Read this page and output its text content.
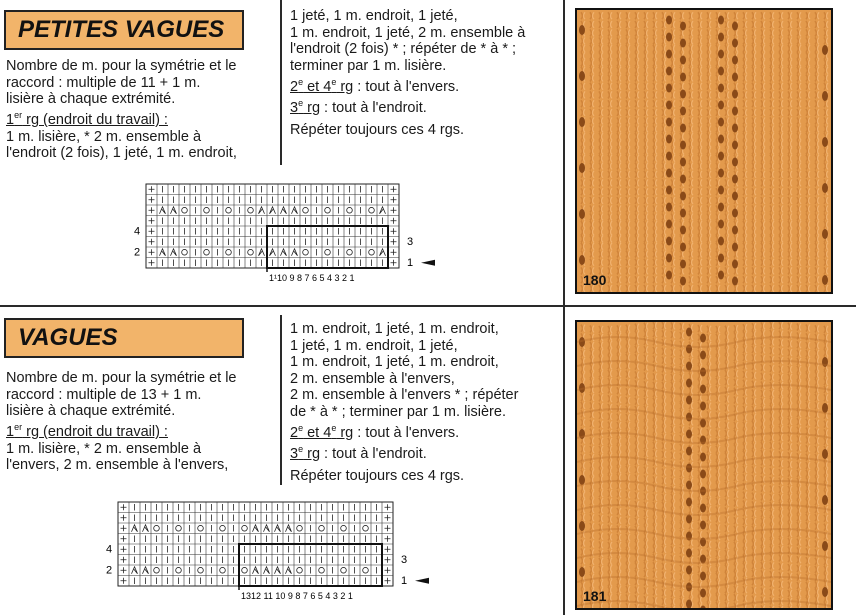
PETITES VAGUES

Nombre de m. pour la symétrie et le

raccord : multiple de 11 + 1 m.

lisière à chaque extrémité.

1er rg (endroit du travail) :

1 m. lisière, * 2 m. ensemble à

l'endroit (2 fois), 1 jeté, 1 m. endroit,

1 jeté, 1 m. endroit, 1 jeté,

1 m. endroit, 1 jeté, 2 m. ensemble à

l'endroit (2 fois) * ; répéter de * à * ;

terminer par 1 m. lisière.

2e et 4e rg : tout à l'envers.

3e rg : tout à l'endroit.

Répéter toujours ces 4 rgs.

4
2
3
1
1¹10 9 8 7 6 5 4 3 2 1	180
VAGUES

Nombre de m. pour la symétrie et le

raccord : multiple de 13 + 1 m.

lisière à chaque extrémité.

1er rg (endroit du travail) :

1 m. lisière, * 2 m. ensemble à

l'envers, 2 m. ensemble à l'envers,

1 m. endroit, 1 jeté, 1 m. endroit,

1 jeté, 1 m. endroit, 1 jeté,

1 m. endroit, 1 jeté, 1 m. endroit,

2 m. ensemble à l'envers,

2 m. ensemble à l'envers * ; répéter

de * à * ; terminer par 1 m. lisière.

2e et 4e rg : tout à l'envers.

3e rg : tout à l'endroit.

Répéter toujours ces 4 rgs.

4
2
3
1
1312 11 10 9 8 7 6 5 4 3 2 1	181
